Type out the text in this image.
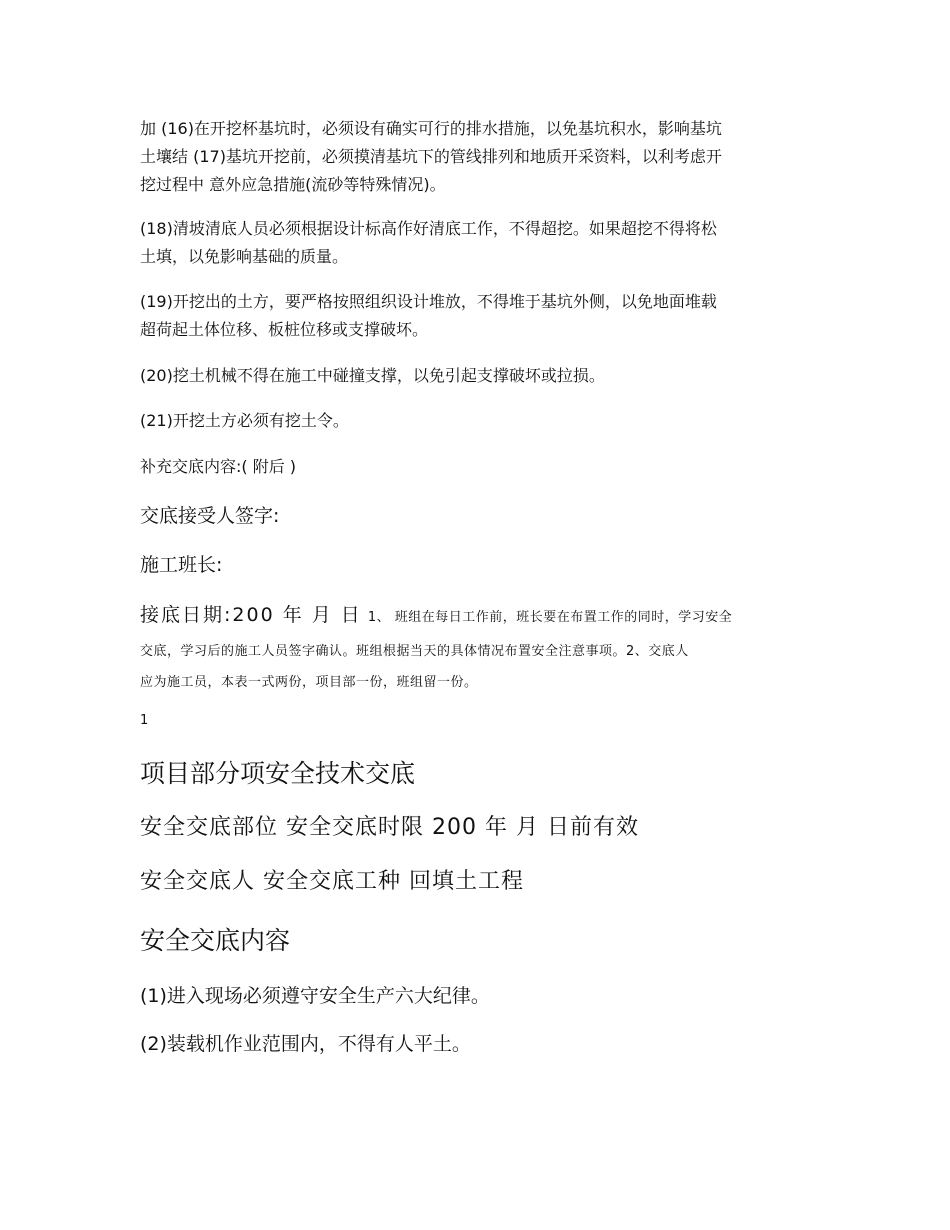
加 (16)在开挖杯基坑时，必须设有确实可行的排水措施，以免基坑积水，影响基坑
土壤结 (17)基坑开挖前，必须摸清基坑下的管线排列和地质开采资料，以利考虑开
挖过程中 意外应急措施(流砂等特殊情况)。
(18)清坡清底人员必须根据设计标高作好清底工作，不得超挖。如果超挖不得将松
土填，以免影响基础的质量。
(19)开挖出的土方，要严格按照组织设计堆放，不得堆于基坑外侧，以免地面堆载
超荷起土体位移、板桩位移或支撑破坏。
(20)挖土机械不得在施工中碰撞支撑，以免引起支撑破坏或拉损。
(21)开挖土方必须有挖土令。
补充交底内容:( 附后 )
交底接受人签字:
施工班长:
接底日期:200 年 月 日 1、 班组在每日工作前，班长要在布置工作的同时，学习安全
交底，学习后的施工人员签字确认。班组根据当天的具体情况布置安全注意事项。2、交底人
应为施工员，本表一式两份，项目部一份，班组留一份。
1
项目部分项安全技术交底
安全交底部位 安全交底时限 200 年 月 日前有效
安全交底人 安全交底工种 回填土工程
安全交底内容
(1)进入现场必须遵守安全生产六大纪律。
(2)装载机作业范围内，不得有人平土。
